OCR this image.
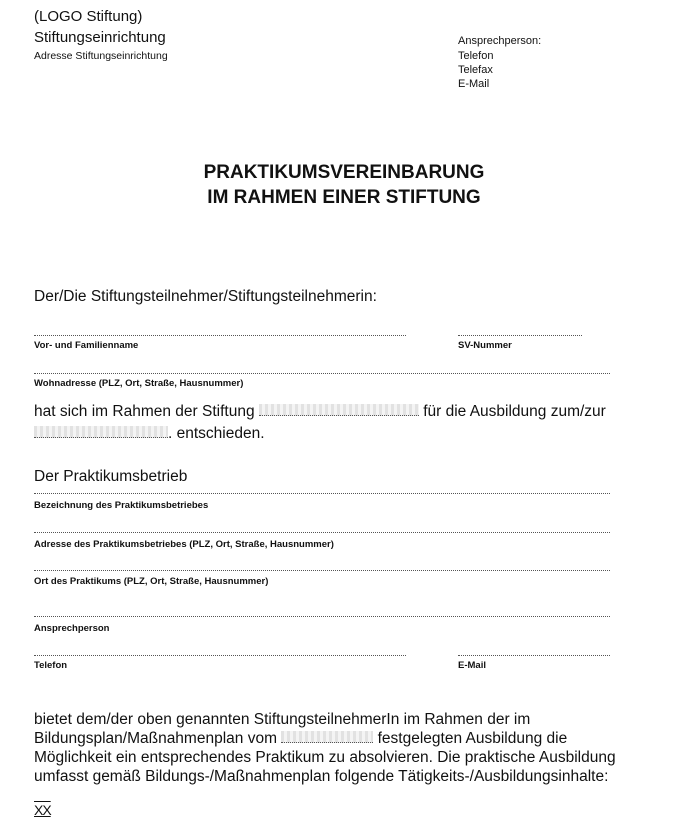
(LOGO Stiftung)
Stiftungseinrichtung
Adresse Stiftungseinrichtung
Ansprechperson:
Telefon
Telefax
E-Mail
PRAKTIKUMSVEREINBARUNG
IM RAHMEN EINER STIFTUNG
Der/Die Stiftungsteilnehmer/Stiftungsteilnehmerin:
Vor- und Familienname	SV-Nummer
Wohnadresse (PLZ, Ort, Straße, Hausnummer)
hat sich im Rahmen der Stiftung	für die Ausbildung zum/zur
. entschieden.
Der Praktikumsbetrieb
Bezeichnung des Praktikumsbetriebes
Adresse des Praktikumsbetriebes (PLZ, Ort, Straße, Hausnummer)
Ort des Praktikums (PLZ, Ort, Straße, Hausnummer)
Ansprechperson
Telefon	E-Mail
bietet dem/der oben genannten StiftungsteilnehmerIn im Rahmen der im
Bildungsplan/Maßnahmenplan vom	festgelegten Ausbildung die
Möglichkeit ein entsprechendes Praktikum zu absolvieren. Die praktische Ausbildung
umfasst gemäß Bildungs-/Maßnahmenplan folgende Tätigkeits-/Ausbildungsinhalte:
XX
